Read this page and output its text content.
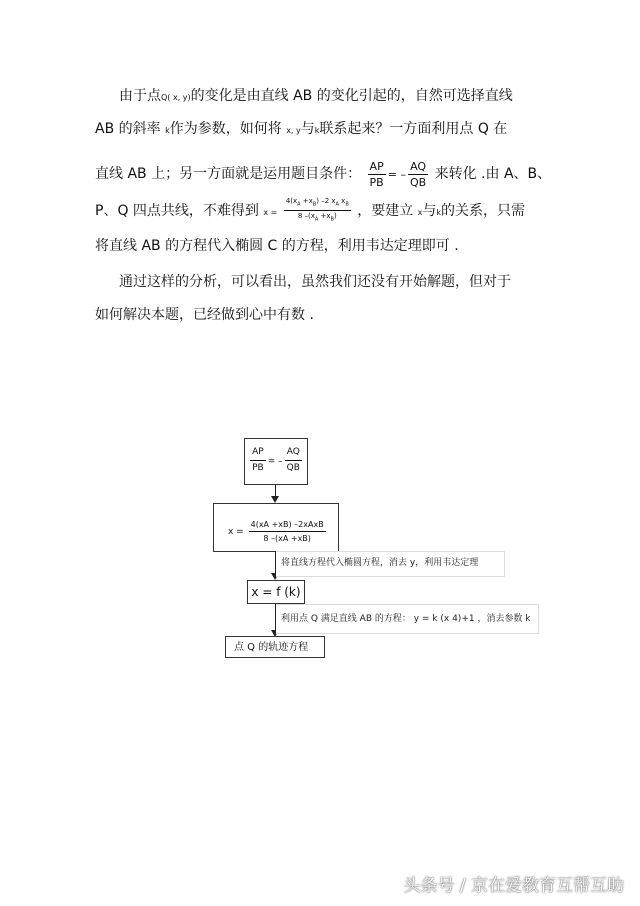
由于点Q( x, y)的变化是由直线 AB 的变化引起的，自然可选择直线
AB 的斜率 k作为参数，如何将 x, y与k联系起来？一方面利用点 Q 在
直线 AB 上；另一方面就是运用题目条件： $\frac{AP}{PB}$ = – $\frac{AQ}{QB}$ 来转化 .由 A、B、
P、Q 四点共线，不难得到 $x = \frac{4(x_A +x_B) -2 x_A x_B}{8 -(x_A +x_B)}$ ，要建立 x与k的关系，只需
将直线 AB 的方程代入椭圆 C 的方程，利用韦达定理即可 .
通过这样的分析，可以看出，虽然我们还没有开始解题，但对于
如何解决本题，已经做到心中有数 .
$\frac{AP}{PB}$ = – $\frac{AQ}{QB}$
$x = \frac{\text{4(xA +xB) –2xAxB}}{8 -(xA +xB)}$
将直线方程代入椭圆方程，消去 y，利用韦达定理
x = f (k)
利用点 Q 满足直线 AB 的方程： y = k (x 4)+1 ，消去参数 k
点 Q 的轨迹方程
头条号 / 京在爱教育互帮互助
